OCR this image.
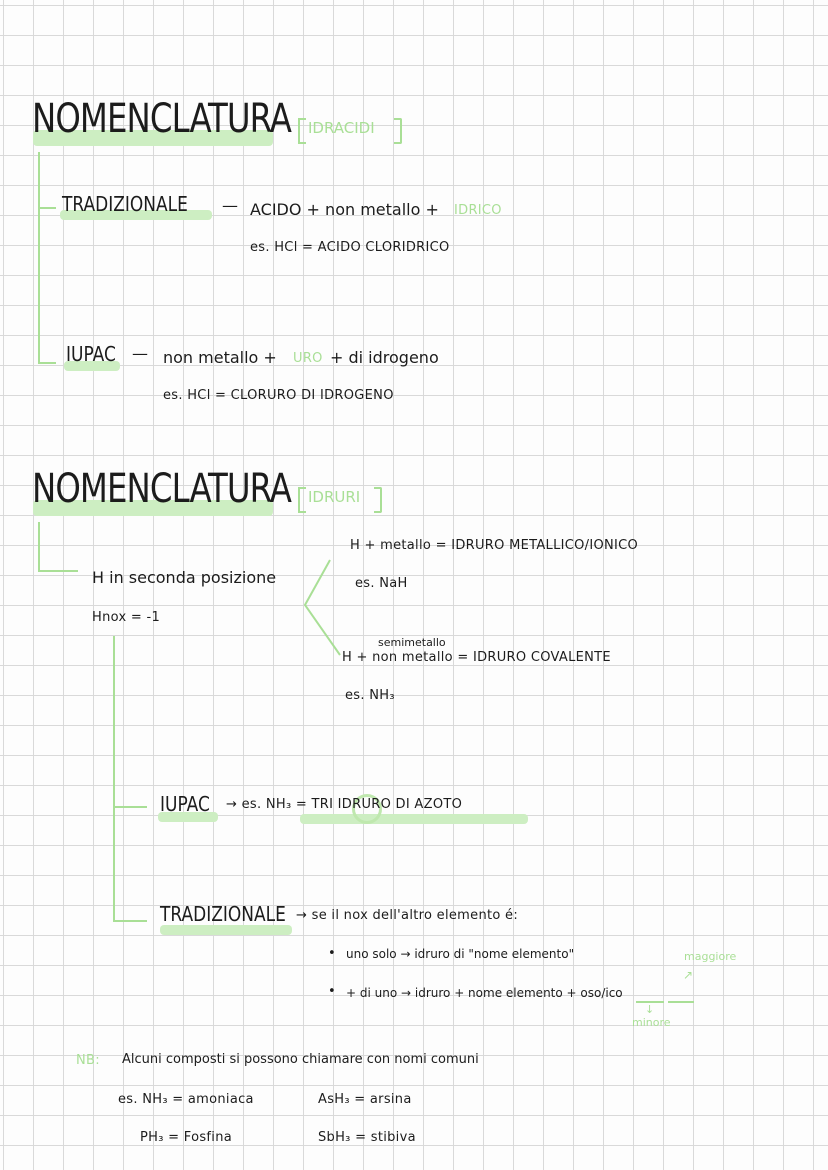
NOMENCLATURA IDRACIDI
TRADIZIONALE — ACIDO + non metallo + IDRICO
es. HCl = ACIDO CLORIDRICO
IUPAC — non metallo + URO + di idrogeno
es. HCl = CLORURO DI IDROGENO
NOMENCLATURA IDRURI
H in seconda posizione
Hnox = -1
H + metallo = IDRURO METALLICO/IONICO
es. NaH
semimetallo
H + non metallo = IDRURO COVALENTE
es. NH₃
IUPAC → es. NH₃ = TRI IDRURO DI AZOTO
TRADIZIONALE → se il nox dell'altro elemento é:
• uno solo → idruro di "nome elemento"	maggiore
↗
• + di uno → idruro + nome elemento + oso/ico
↓
minore
NB: Alcuni composti si possono chiamare con nomi comuni
es. NH₃ = amoniaca	AsH₃ = arsina
PH₃ = Fosfina	SbH₃ = stibiva
